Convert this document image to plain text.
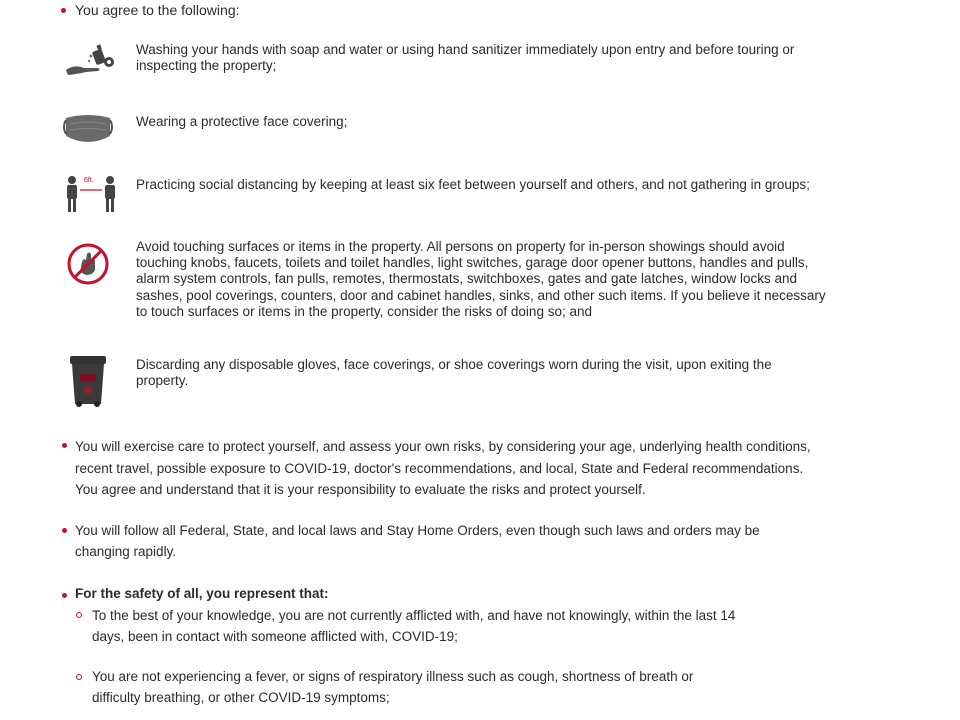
You agree to the following:
Washing your hands with soap and water or using hand sanitizer immediately upon entry and before touring or
inspecting the property;
Wearing a protective face covering;
6ft.	Practicing social distancing by keeping at least six feet between yourself and others, and not gathering in groups;
Avoid touching surfaces or items in the property. All persons on property for in-person showings should avoid
touching knobs, faucets, toilets and toilet handles, light switches, garage door opener buttons, handles and pulls,
alarm system controls, fan pulls, remotes, thermostats, switchboxes, gates and gate latches, window locks and
sashes, pool coverings, counters, door and cabinet handles, sinks, and other such items. If you believe it necessary
to touch surfaces or items in the property, consider the risks of doing so; and
Discarding any disposable gloves, face coverings, or shoe coverings worn during the visit, upon exiting the
property.
You will exercise care to protect yourself, and assess your own risks, by considering your age, underlying health conditions,
recent travel, possible exposure to COVID-19, doctor's recommendations, and local, State and Federal recommendations.
You agree and understand that it is your responsibility to evaluate the risks and protect yourself.
You will follow all Federal, State, and local laws and Stay Home Orders, even though such laws and orders may be
changing rapidly.
For the safety of all, you represent that:
To the best of your knowledge, you are not currently afflicted with, and have not knowingly, within the last 14
days, been in contact with someone afflicted with, COVID-19;
You are not experiencing a fever, or signs of respiratory illness such as cough, shortness of breath or
difficulty breathing, or other COVID-19 symptoms;
